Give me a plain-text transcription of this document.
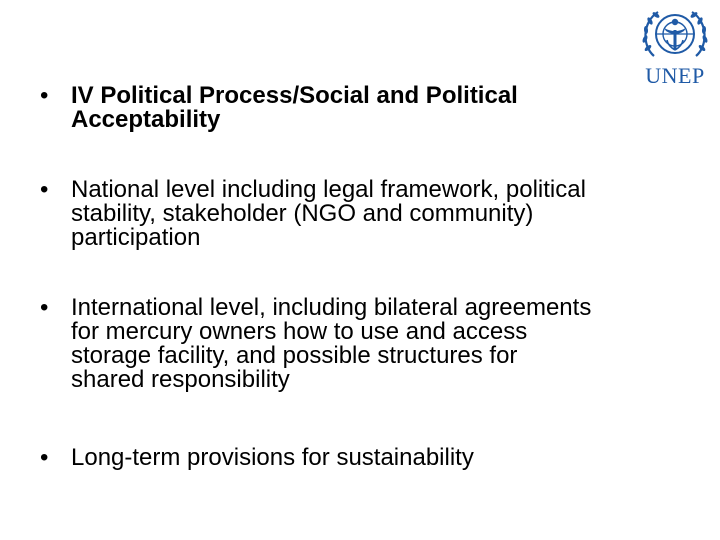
UNEP
• IV Political Process/Social and Political
Acceptability
• National level including legal framework, political
stability, stakeholder (NGO and community)
participation
• International level, including bilateral agreements
for mercury owners how to use and access
storage facility, and possible structures for
shared responsibility
• Long-term provisions for sustainability
